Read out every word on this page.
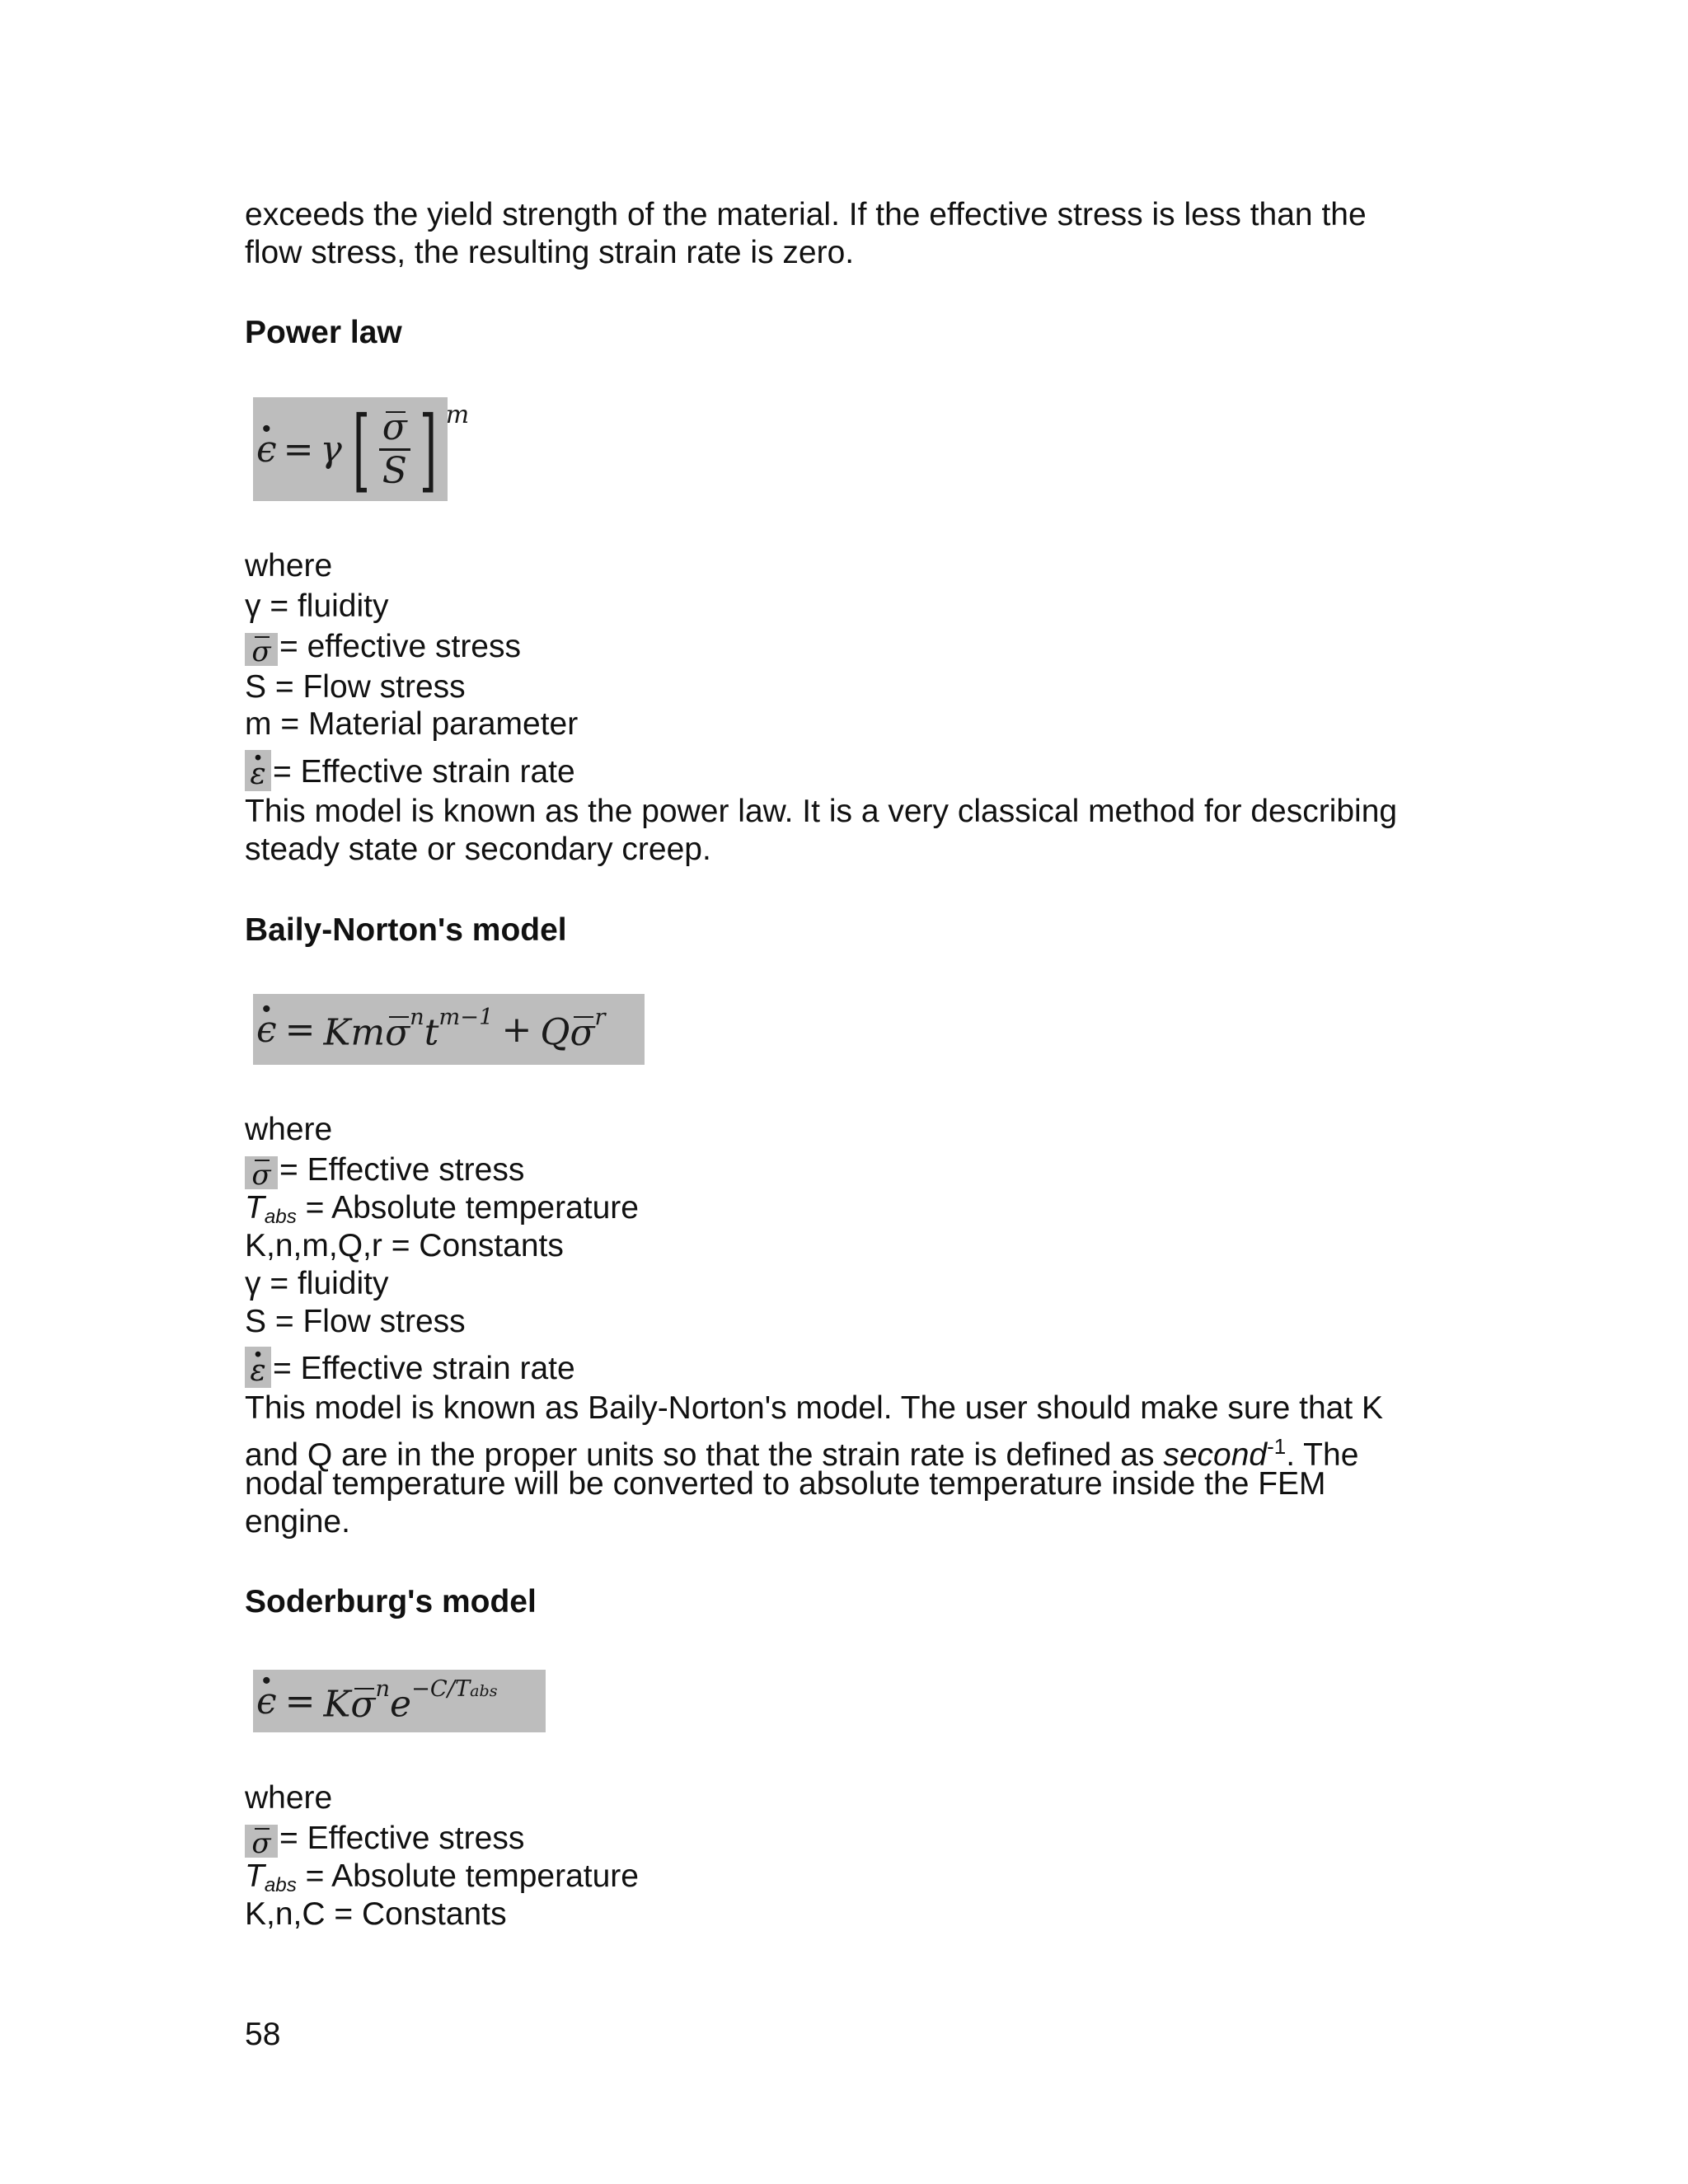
exceeds the yield strength of the material. If the effective stress is less than the

flow stress, the resulting strain rate is zero.

Power law

· ϵ = γ [ $\frac{\sigma}{S}$ ] m

where

γ = fluidity

σ = effective stress

S = Flow stress

m = Material parameter

· ε = Effective strain rate

This model is known as the power law. It is a very classical method for describing

steady state or secondary creep.

Baily-Norton's model

· $\epsilon = Km\sigma^nt^{m-1} + Q\sigma^r$

where

σ = Effective stress

$T_{abs}$ = Absolute temperature

K,n,m,Q,r = Constants

γ = fluidity

S = Flow stress

· ε = Effective strain rate

This model is known as Baily-Norton's model. The user should make sure that K

and Q are in the proper units so that the strain rate is defined as second$^{-1}$. The

nodal temperature will be converted to absolute temperature inside the FEM

engine.

Soderburg's model

· $\epsilon = K\sigma^ne^{-C/Tabs}$

where

σ = Effective stress

$T_{abs}$ = Absolute temperature

K,n,C = Constants

58
